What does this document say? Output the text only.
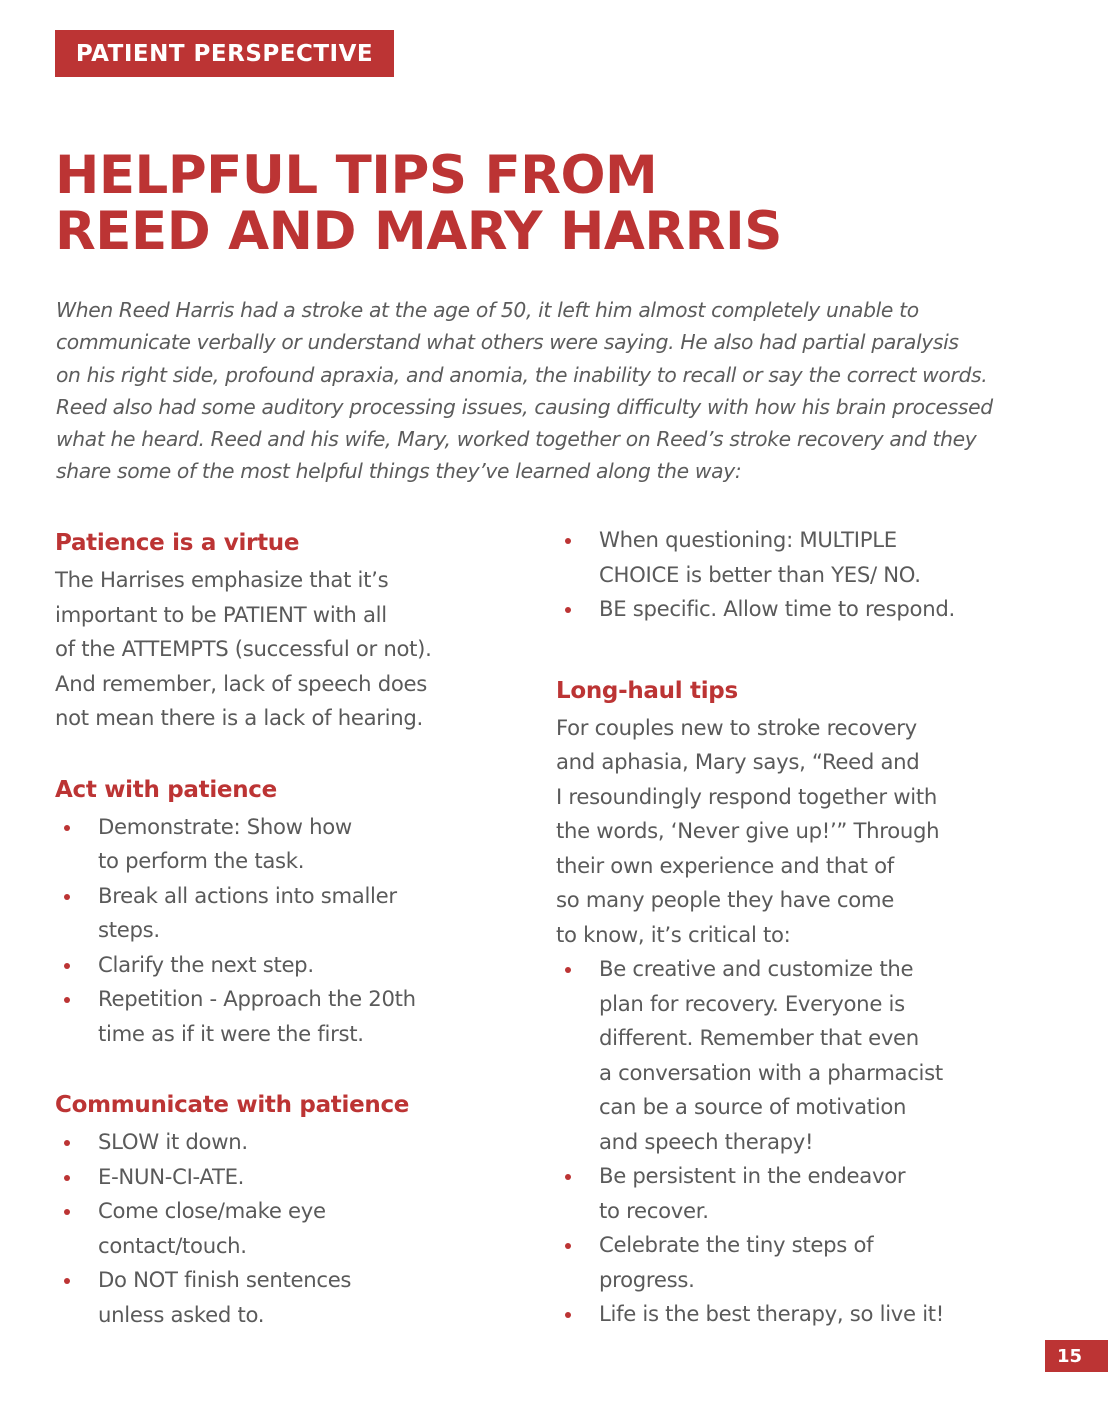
PATIENT PERSPECTIVE
HELPFUL TIPS FROM
REED AND MARY HARRIS

When Reed Harris had a stroke at the age of 50, it left him almost completely unable to
communicate verbally or understand what others were saying. He also had partial paralysis
on his right side, profound apraxia, and anomia, the inability to recall or say the correct words.
Reed also had some auditory processing issues, causing difficulty with how his brain processed
what he heard. Reed and his wife, Mary, worked together on Reed’s stroke recovery and they
share some of the most helpful things they’ve learned along the way:

Patience is a virtue

The Harrises emphasize that it’s
important to be PATIENT with all
of the ATTEMPTS (successful or not).
And remember, lack of speech does
not mean there is a lack of hearing.

Act with patience
Demonstrate: Show how
to perform the task.
Break all actions into smaller
steps.
Clarify the next step.
Repetition - Approach the 20th
time as if it were the first.
Communicate with patience
SLOW it down.
E-NUN-CI-ATE.
Come close/make eye
contact/touch.
Do NOT finish sentences
unless asked to.
When questioning: MULTIPLE
CHOICE is better than YES/ NO.
BE specific. Allow time to respond.
Long-haul tips

For couples new to stroke recovery
and aphasia, Mary says, “Reed and
I resoundingly respond together with
the words, ‘Never give up!’” Through
their own experience and that of
so many people they have come
to know, it’s critical to:

Be creative and customize the
plan for recovery. Everyone is
different. Remember that even
a conversation with a pharmacist
can be a source of motivation
and speech therapy!
Be persistent in the endeavor
to recover.
Celebrate the tiny steps of
progress.
Life is the best therapy, so live it!
15
